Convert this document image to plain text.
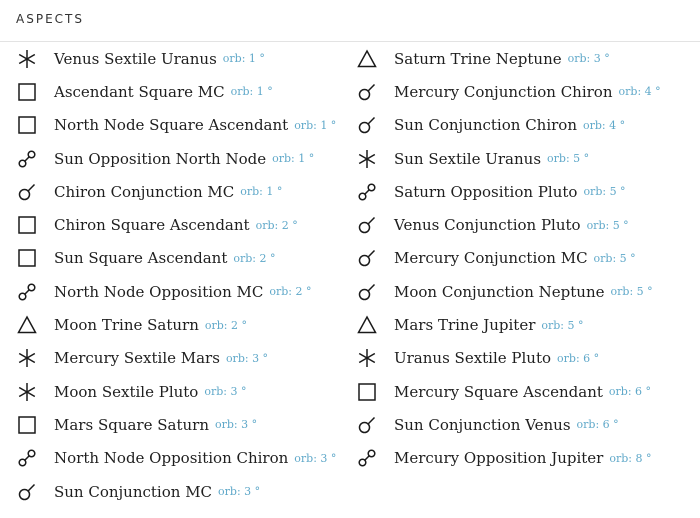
ASPECTS
Venus Sextile Uranus orb: 1 °
Ascendant Square MC orb: 1 °
North Node Square Ascendant orb: 1 °
Sun Opposition North Node orb: 1 °
Chiron Conjunction MC orb: 1 °
Chiron Square Ascendant orb: 2 °
Sun Square Ascendant orb: 2 °
North Node Opposition MC orb: 2 °
Moon Trine Saturn orb: 2 °
Mercury Sextile Mars orb: 3 °
Moon Sextile Pluto orb: 3 °
Mars Square Saturn orb: 3 °
North Node Opposition Chiron orb: 3 °
Sun Conjunction MC orb: 3 °
Saturn Trine Neptune orb: 3 °
Mercury Conjunction Chiron orb: 4 °
Sun Conjunction Chiron orb: 4 °
Sun Sextile Uranus orb: 5 °
Saturn Opposition Pluto orb: 5 °
Venus Conjunction Pluto orb: 5 °
Mercury Conjunction MC orb: 5 °
Moon Conjunction Neptune orb: 5 °
Mars Trine Jupiter orb: 5 °
Uranus Sextile Pluto orb: 6 °
Mercury Square Ascendant orb: 6 °
Sun Conjunction Venus orb: 6 °
Mercury Opposition Jupiter orb: 8 °
